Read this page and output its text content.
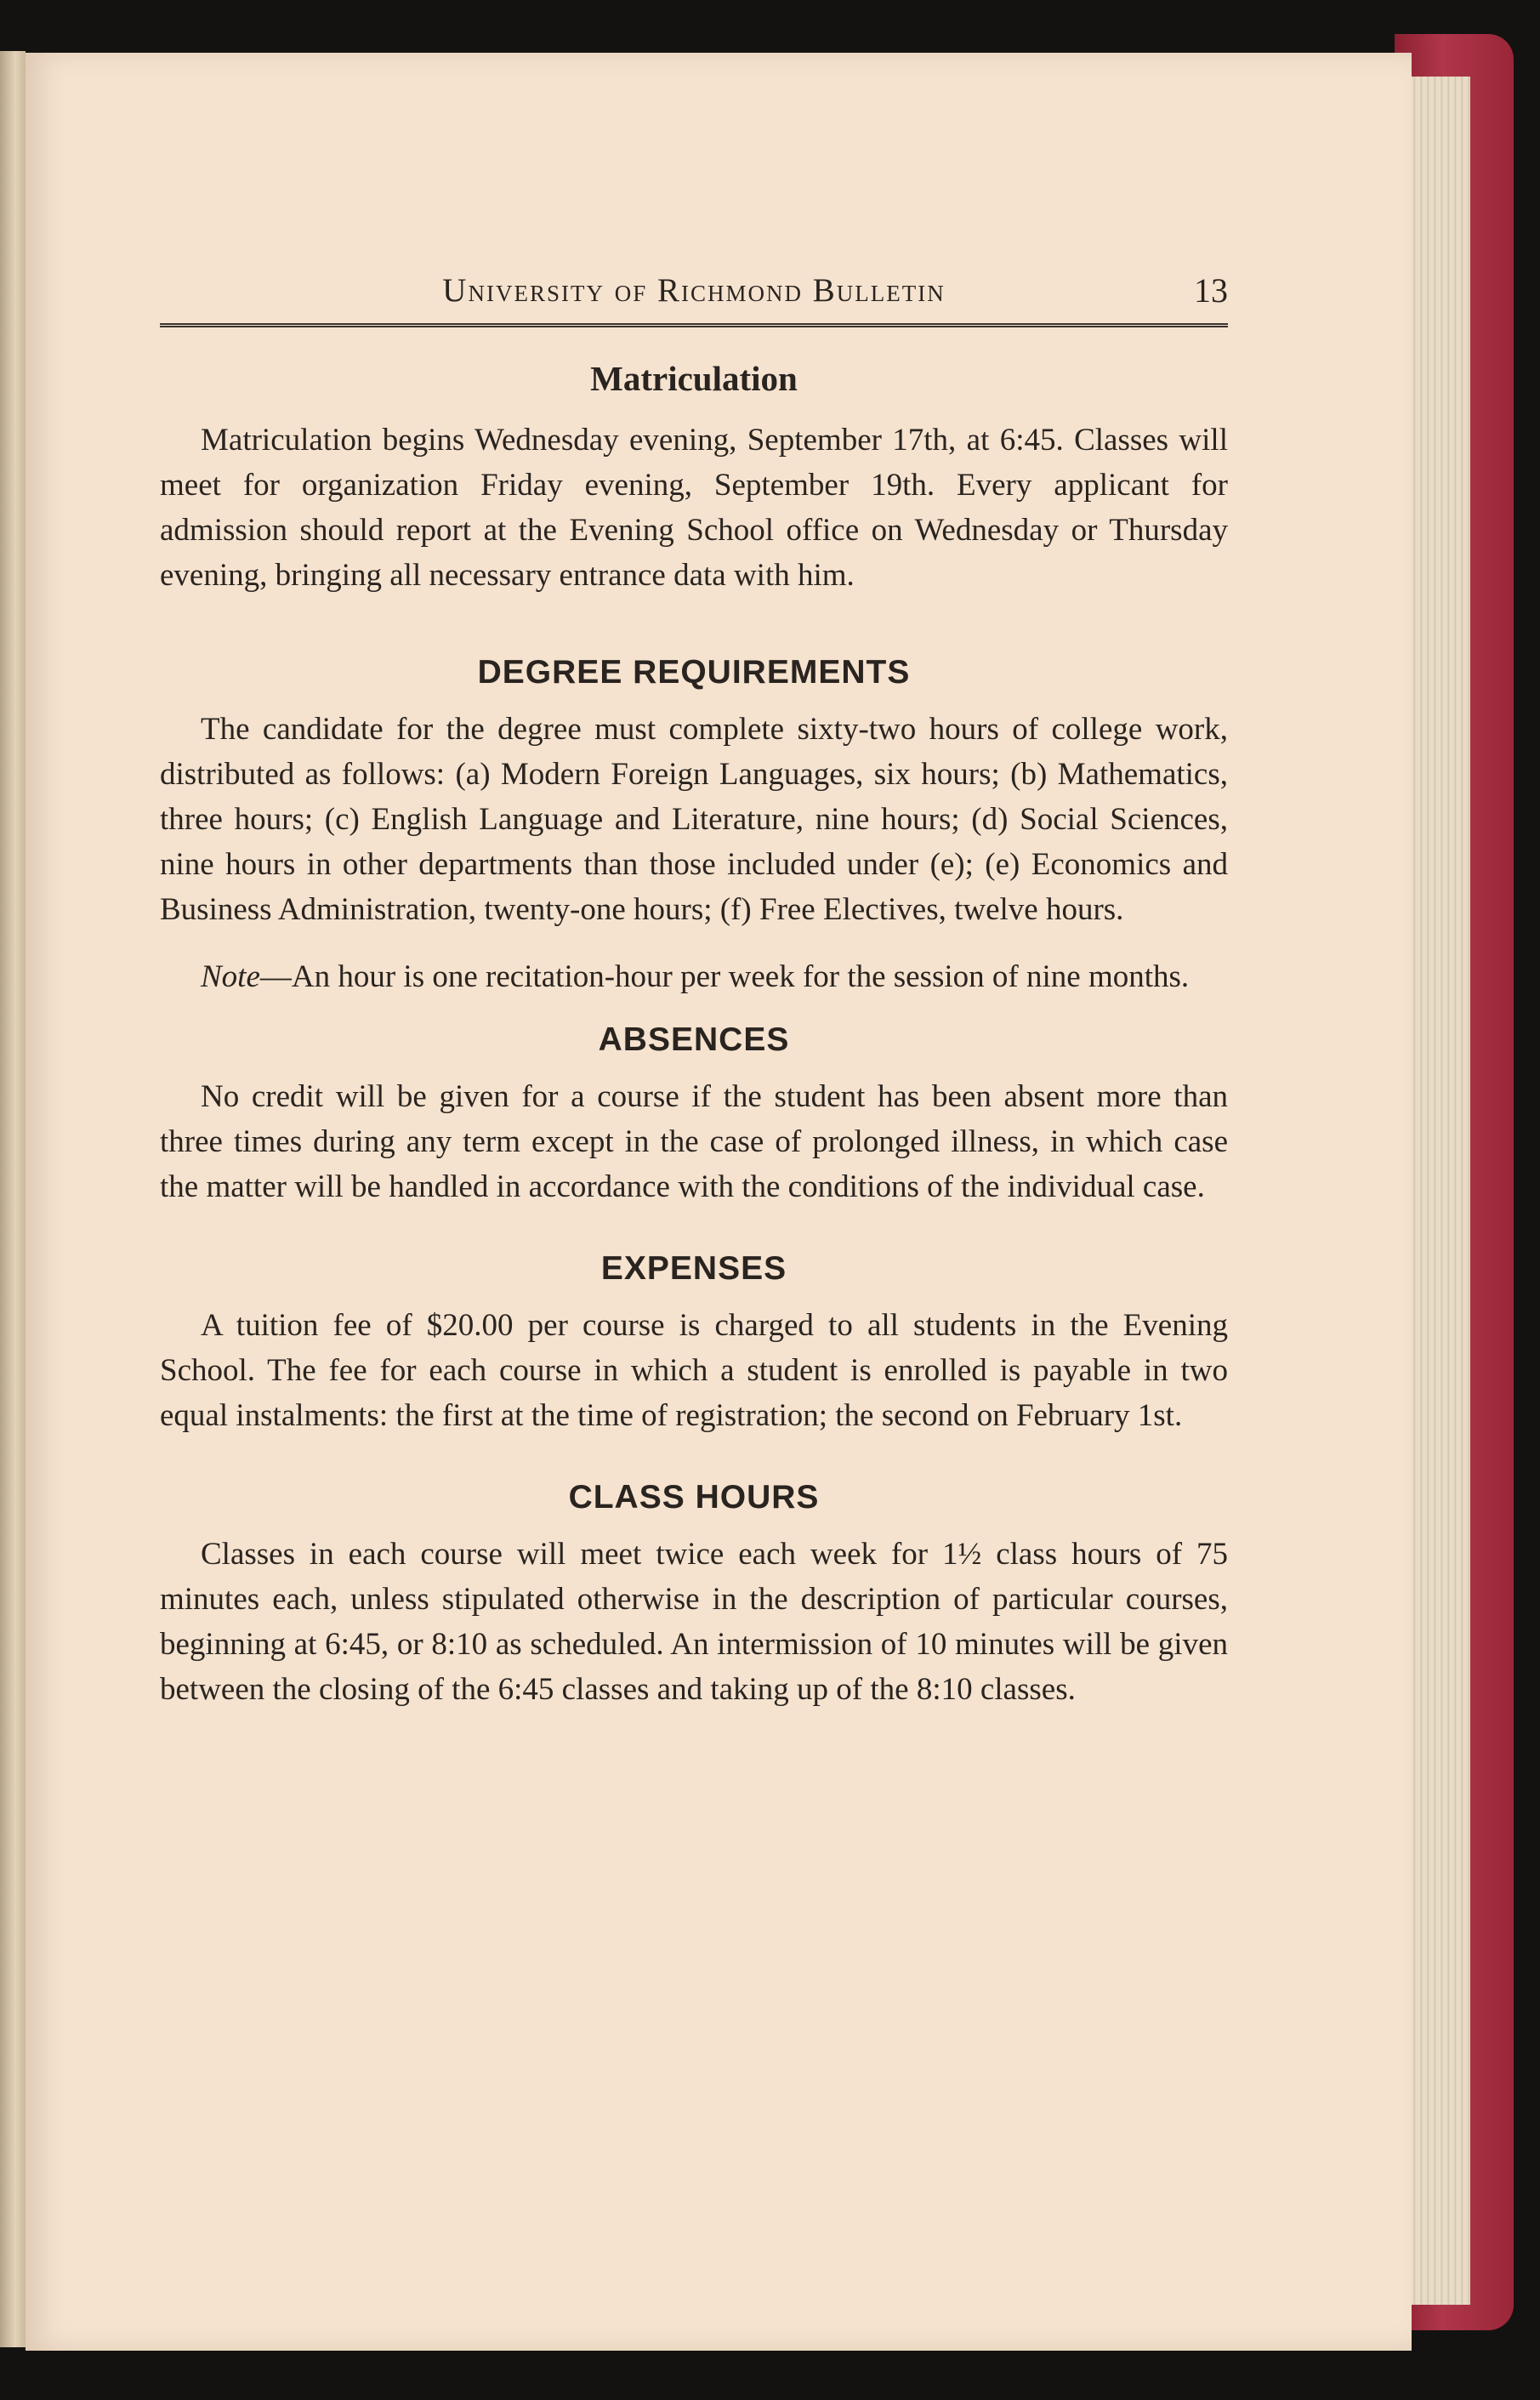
University of Richmond Bulletin	13
Matriculation

Matriculation begins Wednesday evening, September 17th, at 6:45. Classes will meet for organization Friday evening, September 19th. Every applicant for admission should report at the Evening School office on Wednesday or Thursday evening, bringing all necessary entrance data with him.

DEGREE REQUIREMENTS

The candidate for the degree must complete sixty-two hours of college work, distributed as follows: (a) Modern Foreign Languages, six hours; (b) Mathematics, three hours; (c) English Language and Literature, nine hours; (d) Social Sciences, nine hours in other departments than those included under (e); (e) Economics and Business Administration, twenty-one hours; (f) Free Electives, twelve hours.

Note—An hour is one recitation-hour per week for the session of nine months.

ABSENCES

No credit will be given for a course if the student has been absent more than three times during any term except in the case of prolonged illness, in which case the matter will be handled in accordance with the conditions of the individual case.

EXPENSES

A tuition fee of $20.00 per course is charged to all students in the Evening School. The fee for each course in which a student is enrolled is payable in two equal instalments: the first at the time of registration; the second on February 1st.

CLASS HOURS

Classes in each course will meet twice each week for 1½ class hours of 75 minutes each, unless stipulated otherwise in the description of particular courses, beginning at 6:45, or 8:10 as scheduled. An intermission of 10 minutes will be given between the closing of the 6:45 classes and taking up of the 8:10 classes.
